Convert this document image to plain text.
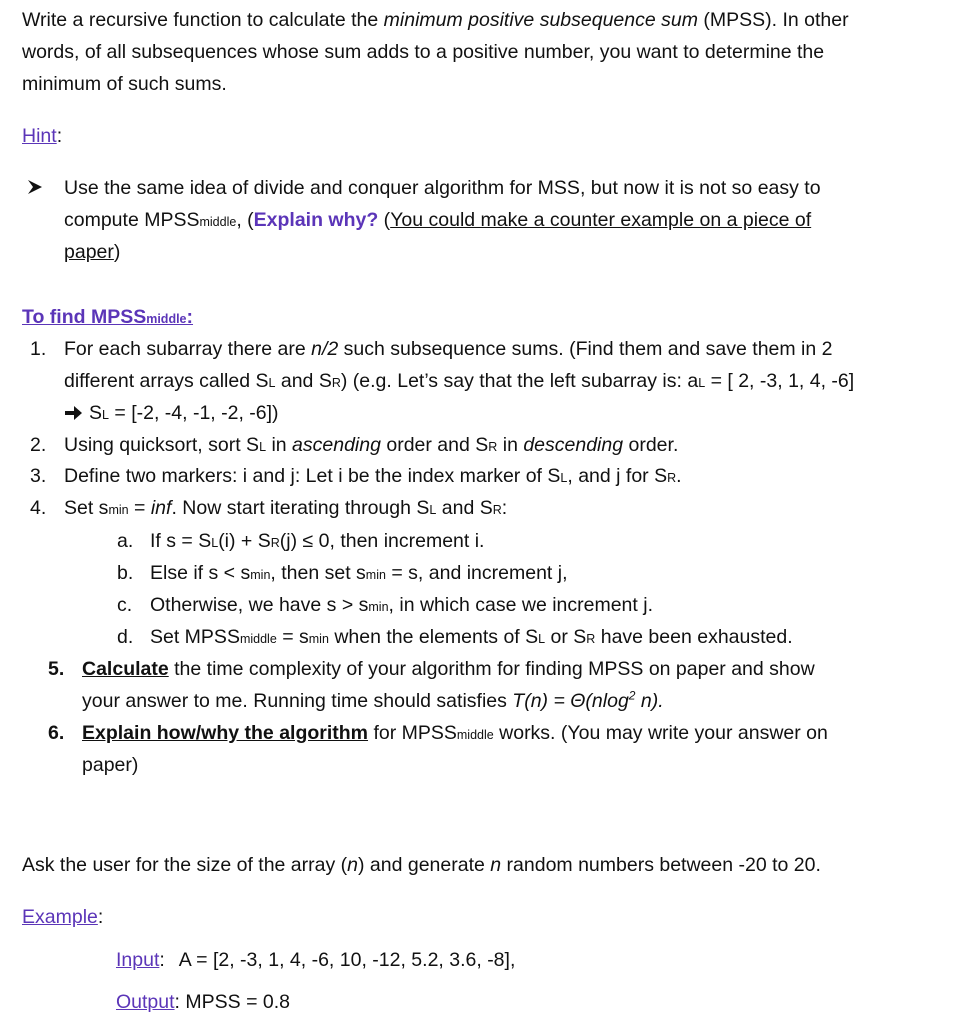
Write a recursive function to calculate the minimum positive subsequence sum (MPSS). In other
words, of all subsequences whose sum adds to a positive number, you want to determine the
minimum of such sums.
Hint:
Use the same idea of divide and conquer algorithm for MSS, but now it is not so easy to
compute MPSSmiddle, (Explain why? (You could make a counter example on a piece of
paper)
To find MPSSmiddle:
1. For each subarray there are n/2 such subsequence sums. (Find them and save them in 2
different arrays called SL and SR) (e.g. Let’s say that the left subarray is: aL = [ 2, -3, 1, 4, -6]
SL = [-2, -4, -1, -2, -6])
2. Using quicksort, sort SL in ascending order and SR in descending order.
3. Define two markers: i and j: Let i be the index marker of SL, and j for SR.
4. Set smin = inf. Now start iterating through SL and SR:
a. If s = SL(i) + SR(j) ≤ 0, then increment i.
b. Else if s < smin, then set smin = s, and increment j,
c. Otherwise, we have s > smin, in which case we increment j.
d. Set MPSSmiddle = smin when the elements of SL or SR have been exhausted.
5. Calculate the time complexity of your algorithm for finding MPSS on paper and show
your answer to me. Running time should satisfies T(n) = Θ(nlog$^2$ n).
6. Explain how/why the algorithm for MPSSmiddle works. (You may write your answer on
paper)
Ask the user for the size of the array (n) and generate n random numbers between -20 to 20.
Example:
Input: A = [2, -3, 1, 4, -6, 10, -12, 5.2, 3.6, -8],
Output: MPSS = 0.8
